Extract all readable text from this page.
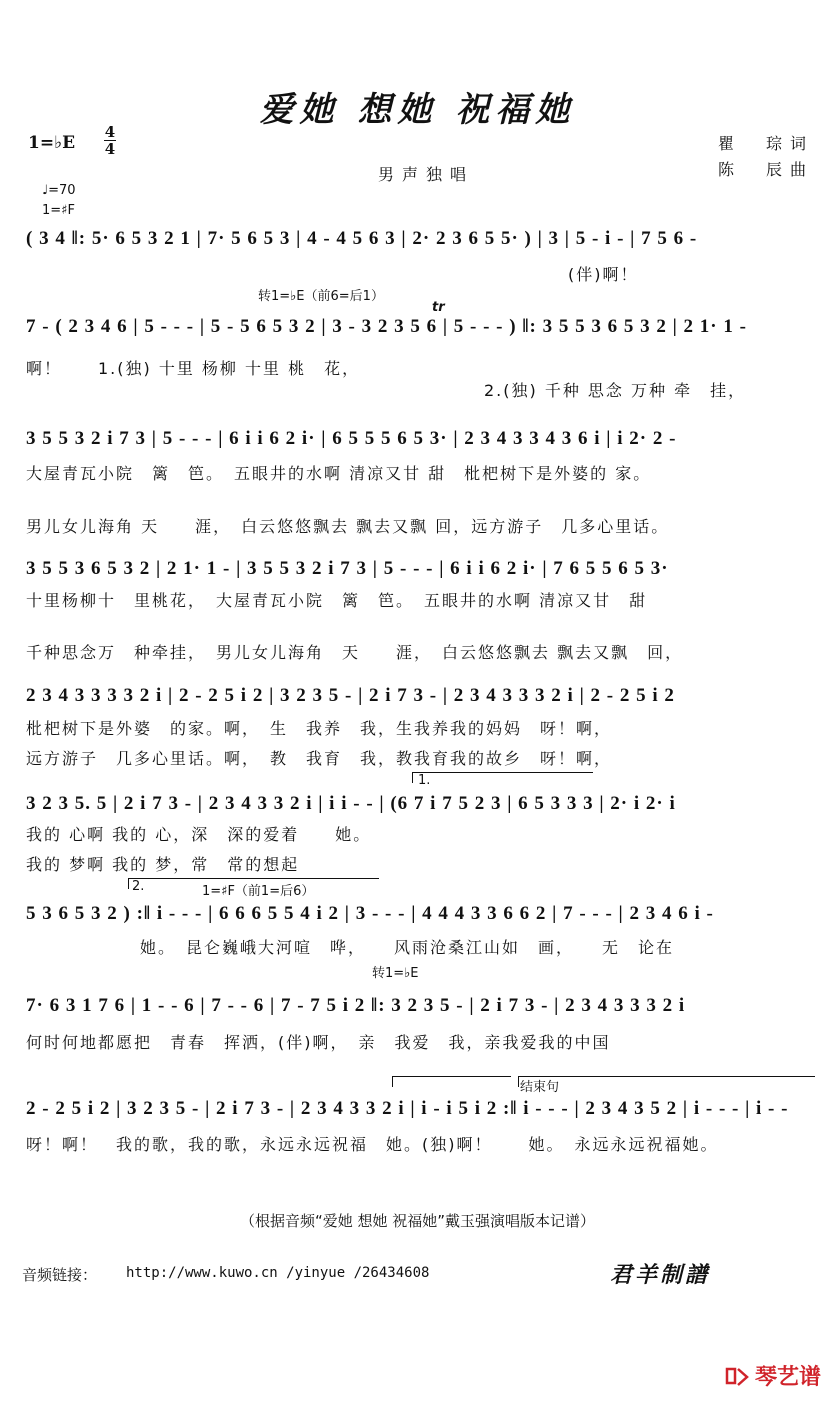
爱她 想她 祝福她
1=♭E
4
4
男声独唱
瞿　琮词
陈　辰曲
♩=70
1=♯F
转1=♭E（前6=后1）
tr
1=♯F（前1=后6）
转1=♭E
( 3 4 ‖: 5· 6 5 3 2 1 | 7· 5 6 5 3 | 4 - 4 5 6 3 | 2· 2 3 6 5 5· ) | 3 | 5 - i - | 7 5 6 -
(伴)啊！
7 - ( 2 3 4 6 | 5 - - - | 5 - 5 6 5 3 2 | 3 - 3 2 3 5 6 | 5 - - - ) ‖: 3 5 5 3 6 5 3 2 | 2 1· 1 -
啊！　　1.(独) 十里 杨柳 十里 桃　花，
2.(独) 千种 思念 万种 牵　挂，
3 5 5 3 2 i 7 3 | 5 - - - | 6 i i 6 2 i· | 6 5 5 5 6 5 3· | 2 3 4 3 3 4 3 6 i | i 2· 2 -
大屋青瓦小院　篱　笆。　五眼井的水啊 清凉又甘 甜　枇杷树下是外婆的 家。
男儿女儿海角 天　　涯，　白云悠悠飘去 飘去又飘 回，远方游子　几多心里话。
3 5 5 3 6 5 3 2 | 2 1· 1 - | 3 5 5 3 2 i 7 3 | 5 - - - | 6 i i 6 2 i· | 7 6 5 5 6 5 3·
十里杨柳十　里桃花，　大屋青瓦小院　篱　笆。　五眼井的水啊 清凉又甘　甜
千种思念万　种牵挂，　男儿女儿海角　天　　涯，　白云悠悠飘去 飘去又飘　回，
2 3 4 3 3 3 3 2 i | 2 - 2 5 i 2 | 3 2 3 5 - | 2 i 7 3 - | 2 3 4 3 3 3 2 i | 2 - 2 5 i 2
枇杷树下是外婆　的家。啊，　生　我养　我，生我养我的妈妈　呀！啊，
远方游子　几多心里话。啊，　教　我育　我，教我育我的故乡　呀！啊，
1.
3 2 3 5. 5 | 2 i 7 3 - | 2 3 4 3 3 2 i | i i - - | (6 7 i 7 5 2 3 | 6 5 3 3 3 | 2· i 2· i
我的 心啊 我的 心，深　深的爱着　　她。
我的 梦啊 我的 梦，常　常的想起
2.
5 3 6 5 3 2 ) :‖ i - - - | 6 6 6 5 5 4 i 2 | 3 - - - | 4 4 4 3 3 6 6 2 | 7 - - - | 2 3 4 6 i -
她。　昆仑巍峨大河喧　哗，　　风雨沧桑江山如　画，　　无　论在
7· 6 3 1 7 6 | 1 - - 6 | 7 - - 6 | 7 - 7 5 i 2 ‖: 3 2 3 5 - | 2 i 7 3 - | 2 3 4 3 3 3 2 i
何时何地都愿把　青春　挥洒，(伴)啊，　亲　我爱　我，亲我爱我的中国
结束句
2 - 2 5 i 2 | 3 2 3 5 - | 2 i 7 3 - | 2 3 4 3 3 2 i | i - i 5 i 2 :‖ i - - - | 2 3 4 3 5 2 | i - - - | i - -
呀！啊！　我的歌，我的歌，永远永远祝福　她。(独)啊！　　她。　永远永远祝福她。
（根据音频“爱她 想她 祝福她”戴玉强演唱版本记谱）
音频链接： http://www.kuwo.cn /yinyue /26434608	君羊制譜
琴艺谱
